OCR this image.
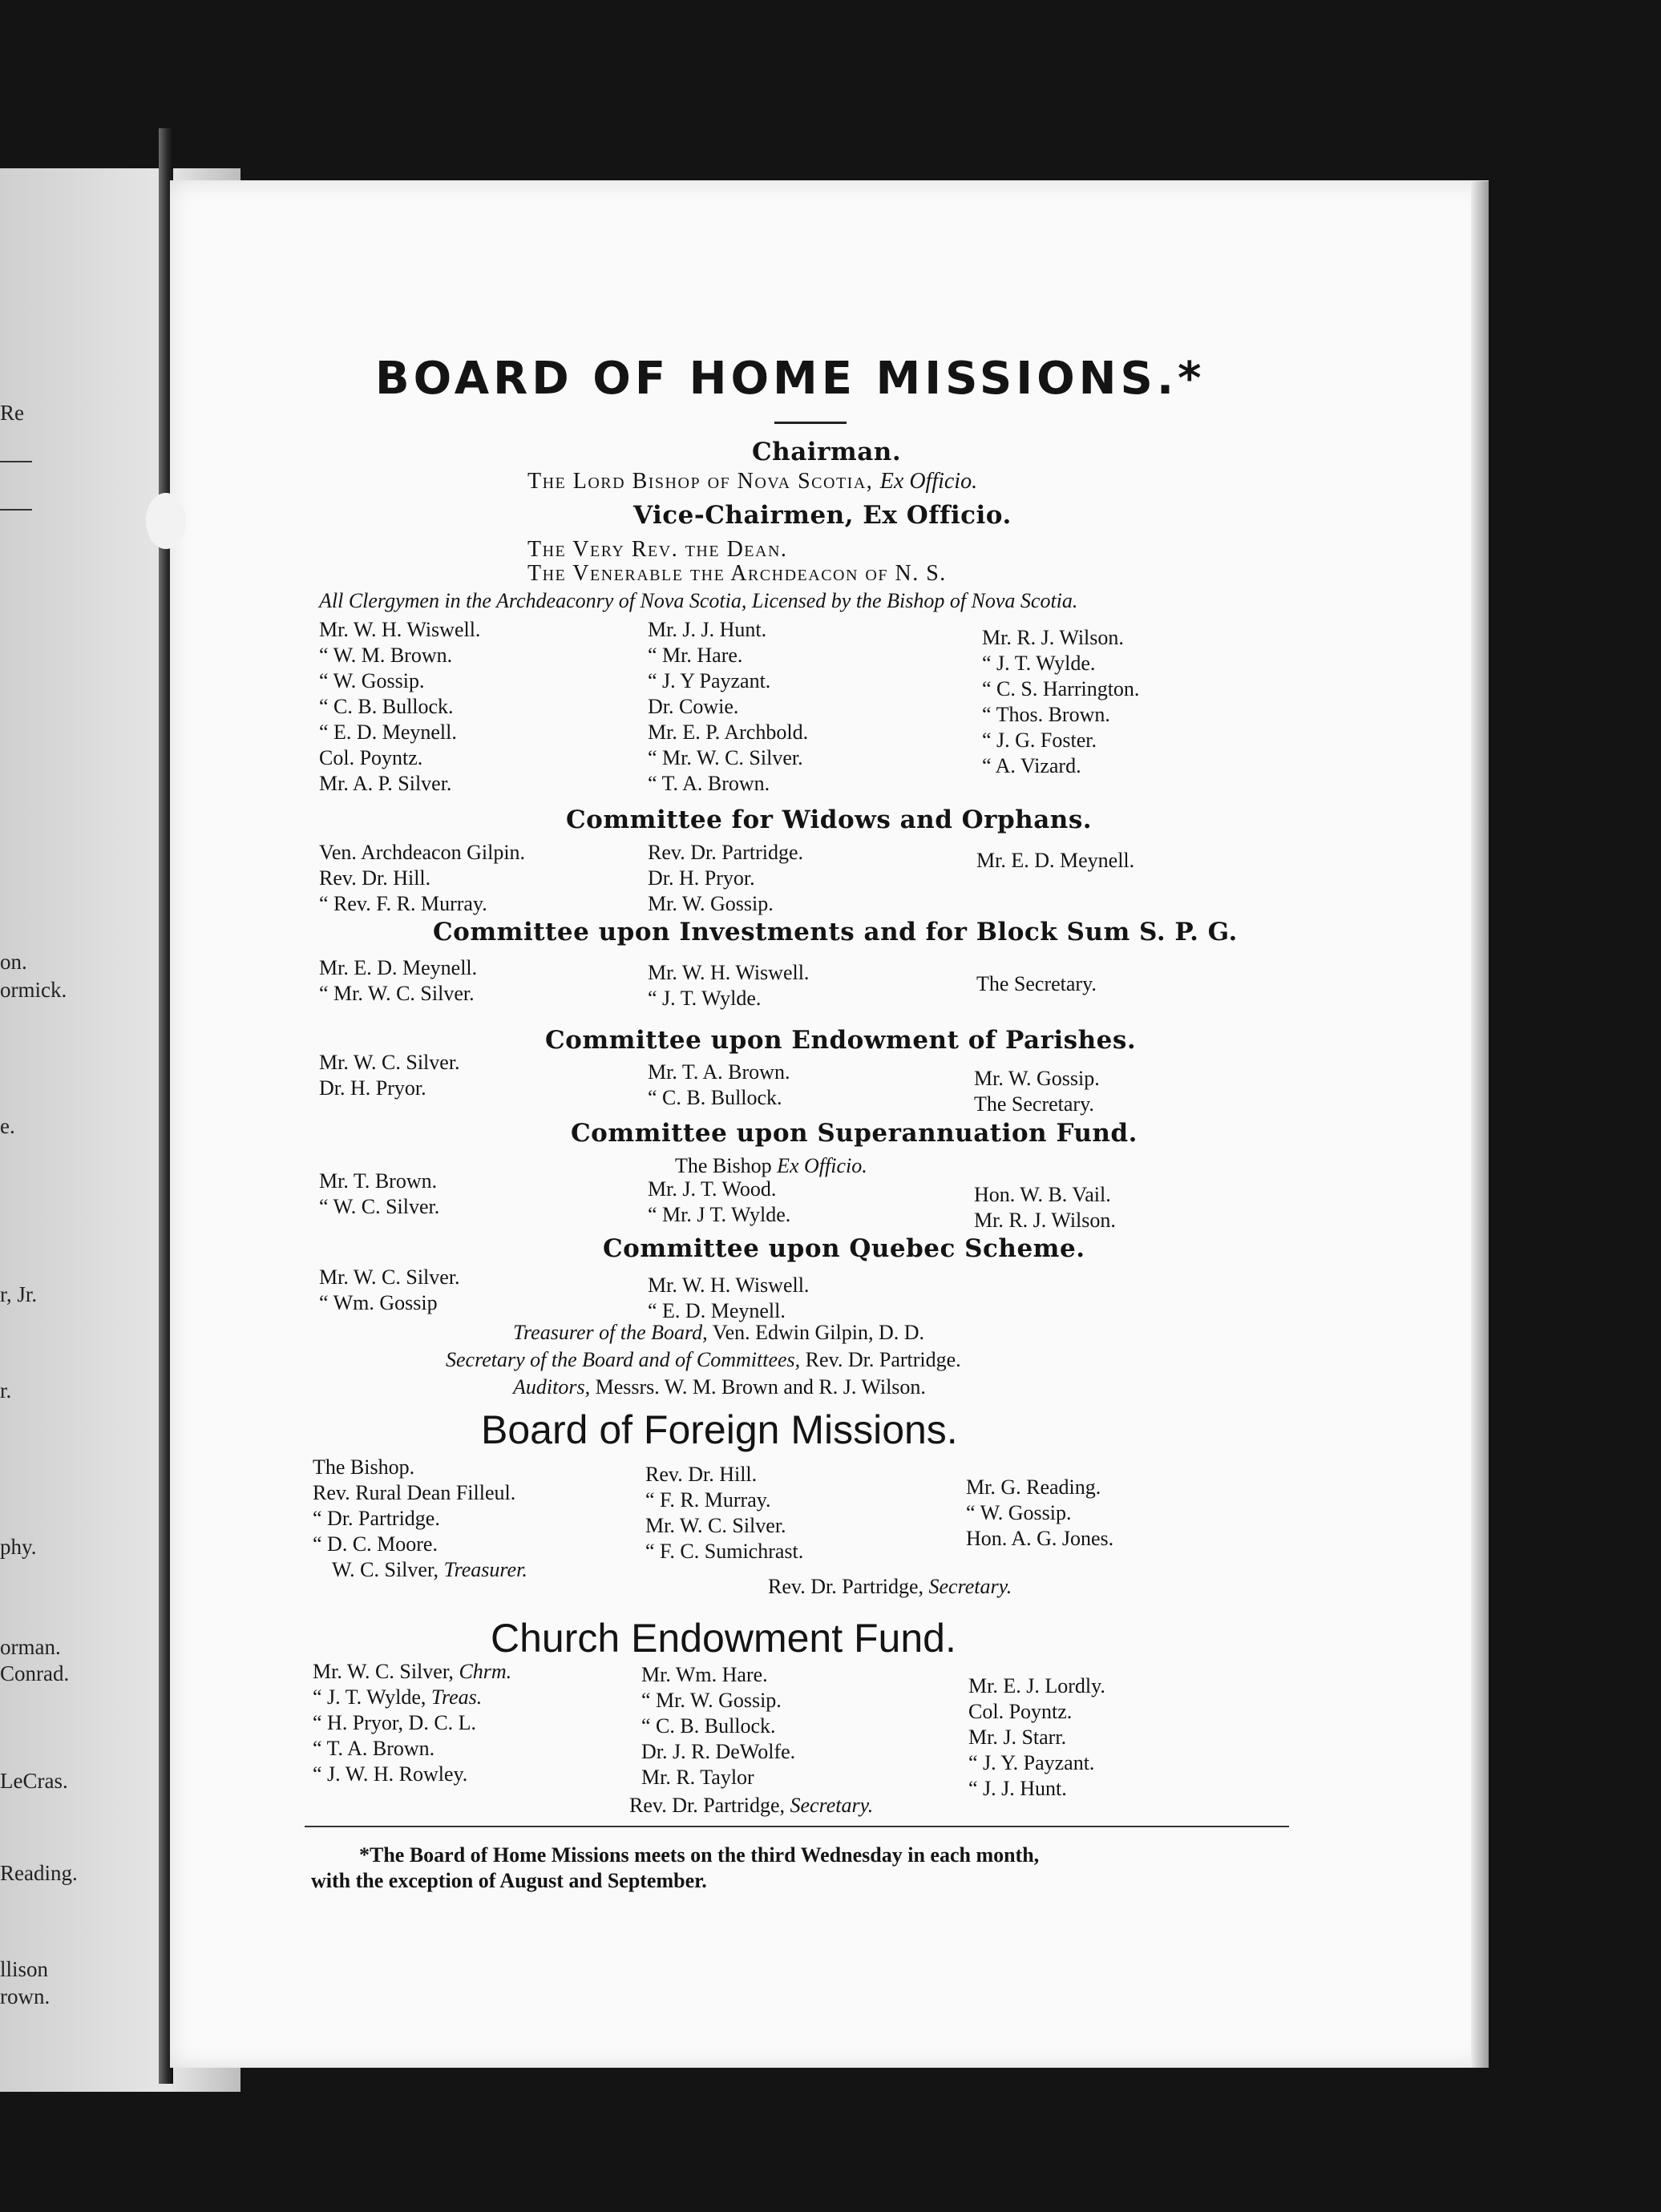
Re
on.
ormick.
e.
r, Jr.
r.
phy.
orman.
Conrad.
LeCras.
Reading.
llison
rown.
BOARD OF HOME MISSIONS.*
Chairman.
The Lord Bishop of Nova Scotia, Ex Officio.
Vice-Chairmen, Ex Officio.
The Very Rev. the Dean.
The Venerable the Archdeacon of N. S.
All Clergymen in the Archdeaconry of Nova Scotia, Licensed by the Bishop of Nova Scotia.
Mr. W. H. Wiswell.
“ W. M. Brown.
“ W. Gossip.
“ C. B. Bullock.
“ E. D. Meynell.
Col. Poyntz.
Mr. A. P. Silver.
Mr. J. J. Hunt.
“ Mr. Hare.
“ J. Y Payzant.
Dr. Cowie.
Mr. E. P. Archbold.
“ Mr. W. C. Silver.
“ T. A. Brown.
Mr. R. J. Wilson.
“ J. T. Wylde.
“ C. S. Harrington.
“ Thos. Brown.
“ J. G. Foster.
“ A. Vizard.
Committee for Widows and Orphans.
Ven. Archdeacon Gilpin.
Rev. Dr. Hill.
“ Rev. F. R. Murray.
Rev. Dr. Partridge.
Dr. H. Pryor.
Mr. W. Gossip.
Mr. E. D. Meynell.
Committee upon Investments and for Block Sum S. P. G.
Mr. E. D. Meynell.
“ Mr. W. C. Silver.
Mr. W. H. Wiswell.
“ J. T. Wylde.
The Secretary.
Committee upon Endowment of Parishes.
Mr. W. C. Silver.
Dr. H. Pryor.
Mr. T. A. Brown.
“ C. B. Bullock.
Mr. W. Gossip.
The Secretary.
Committee upon Superannuation Fund.
The Bishop Ex Officio.
Mr. T. Brown.
“ W. C. Silver.
Mr. J. T. Wood.
“ Mr. J T. Wylde.
Hon. W. B. Vail.
Mr. R. J. Wilson.
Committee upon Quebec Scheme.
Mr. W. C. Silver.
“ Wm. Gossip
Mr. W. H. Wiswell.
“ E. D. Meynell.
Treasurer of the Board, Ven. Edwin Gilpin, D. D.
Secretary of the Board and of Committees, Rev. Dr. Partridge.
Auditors, Messrs. W. M. Brown and R. J. Wilson.
Board of Foreign Missions.
The Bishop.
Rev. Rural Dean Filleul.
“ Dr. Partridge.
“ D. C. Moore.
W. C. Silver, Treasurer.
Rev. Dr. Hill.
“ F. R. Murray.
Mr. W. C. Silver.
“ F. C. Sumichrast.
Mr. G. Reading.
“ W. Gossip.
Hon. A. G. Jones.
Rev. Dr. Partridge, Secretary.
Church Endowment Fund.
Mr. W. C. Silver, Chrm.
“ J. T. Wylde, Treas.
“ H. Pryor, D. C. L.
“ T. A. Brown.
“ J. W. H. Rowley.
Mr. Wm. Hare.
“ Mr. W. Gossip.
“ C. B. Bullock.
Dr. J. R. DeWolfe.
Mr. R. Taylor
Mr. E. J. Lordly.
Col. Poyntz.
Mr. J. Starr.
“ J. Y. Payzant.
“ J. J. Hunt.
Rev. Dr. Partridge, Secretary.
*The Board of Home Missions meets on the third Wednesday in each month,
with the exception of August and September.
